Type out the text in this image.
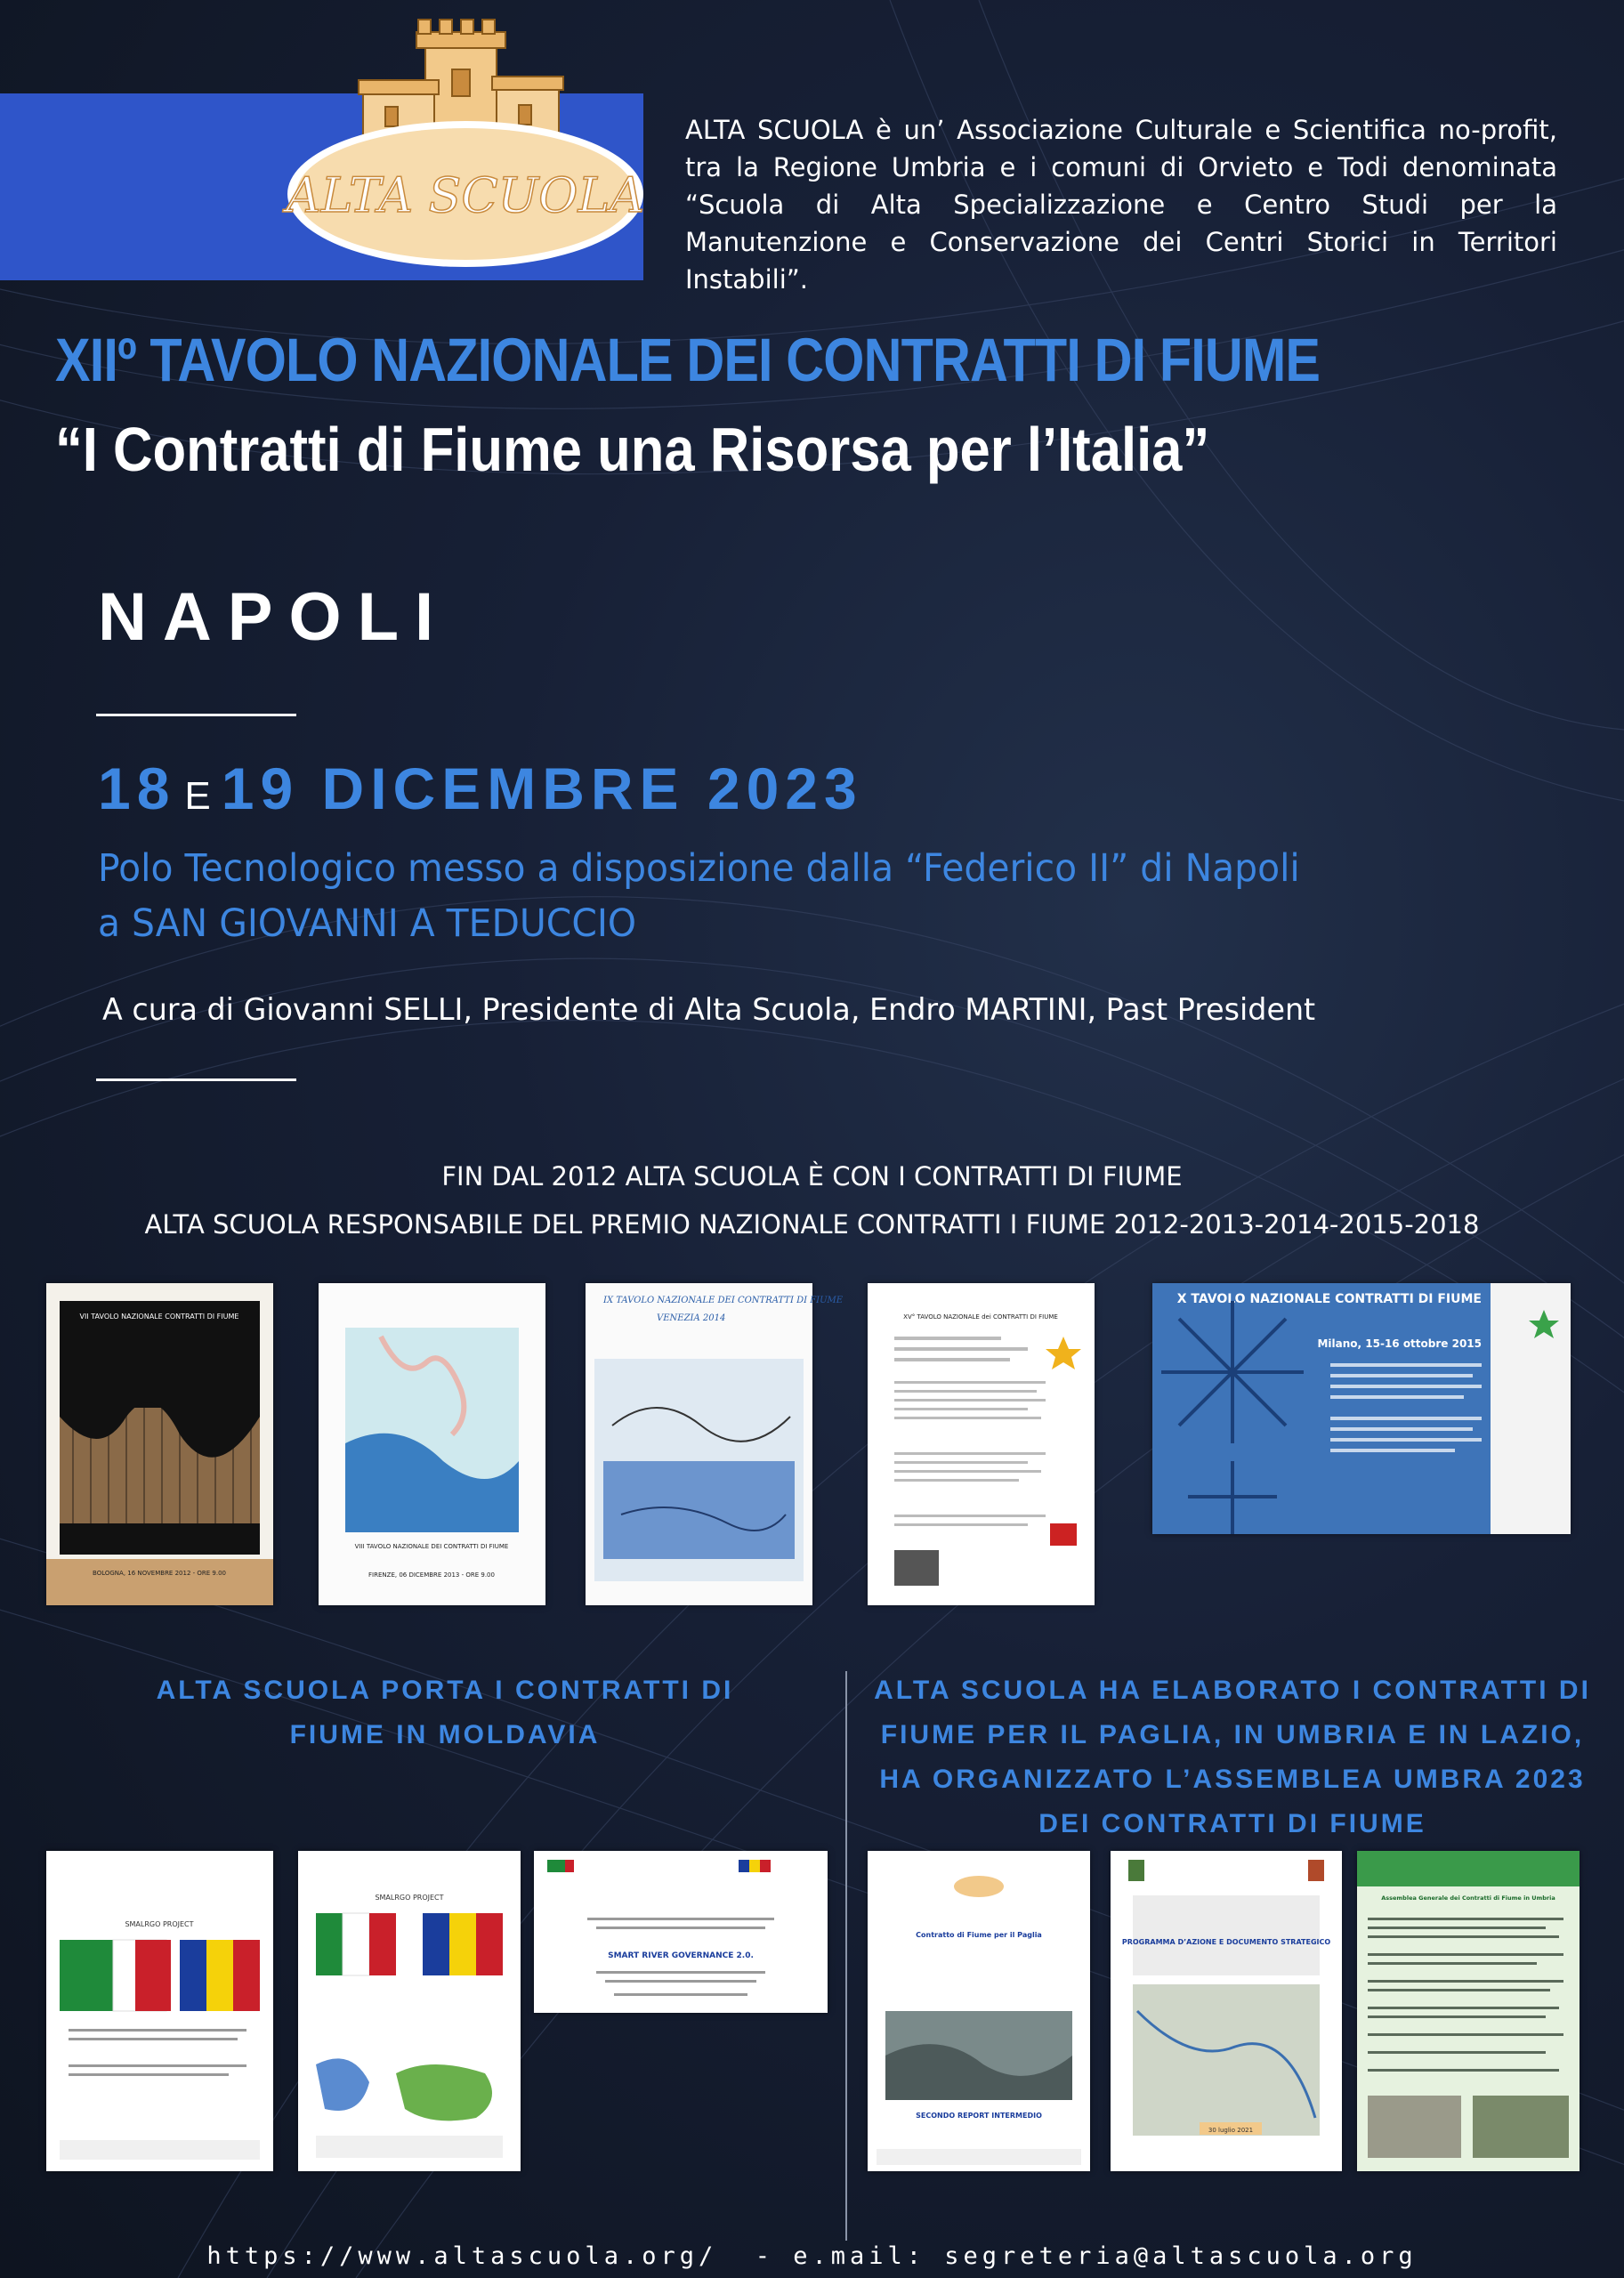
ALTA SCUOLA
ALTA SCUOLA è un’ Associazione Culturale e Scientifica no-profit, tra la Regione Umbria e i comuni di Orvieto e Todi denominata “Scuola di Alta Specializzazione e Centro Studi per la Manutenzione e Conservazione dei Centri Storici in Territori Instabili”.
XIIº TAVOLO NAZIONALE DEI CONTRATTI DI FIUME
“I Contratti di Fiume una Risorsa per l’Italia”
NAPOLI
18 E 19 DICEMBRE 2023
Polo Tecnologico messo a disposizione dalla “Federico II” di Napoli
a SAN GIOVANNI A TEDUCCIO
A cura di Giovanni SELLI, Presidente di Alta Scuola, Endro MARTINI, Past President
FIN DAL 2012 ALTA SCUOLA È CON I CONTRATTI DI FIUME
ALTA SCUOLA RESPONSABILE DEL PREMIO NAZIONALE CONTRATTI I FIUME 2012-2013-2014-2015-2018
VII TAVOLO NAZIONALE CONTRATTI DI FIUME
BOLOGNA, 16 NOVEMBRE 2012 - ORE 9.00
VIII TAVOLO NAZIONALE DEI CONTRATTI DI FIUME
FIRENZE, 06 DICEMBRE 2013 - ORE 9.00
IX TAVOLO NAZIONALE DEI CONTRATTI DI FIUME
VENEZIA 2014	XV° TAVOLO NAZIONALE dei CONTRATTI DI FIUME
X TAVOLO NAZIONALE CONTRATTI DI FIUME
Milano, 15-16 ottobre 2015
ALTA SCUOLA PORTA I CONTRATTI DI
FIUME IN MOLDAVIA
ALTA SCUOLA HA ELABORATO I CONTRATTI DI
FIUME PER IL PAGLIA, IN UMBRIA E IN LAZIO,
HA ORGANIZZATO L’ASSEMBLEA UMBRA 2023
DEI CONTRATTI DI FIUME
SMALRGO PROJECT
SMALRGO PROJECT
SMART RIVER GOVERNANCE 2.0.
Contratto di Fiume per il Paglia
SECONDO REPORT INTERMEDIO
PROGRAMMA D’AZIONE E DOCUMENTO STRATEGICO
30 luglio 2021
Assemblea Generale dei Contratti di Fiume in Umbria
https://www.altascuola.org/  - e.mail: segreteria@altascuola.org
